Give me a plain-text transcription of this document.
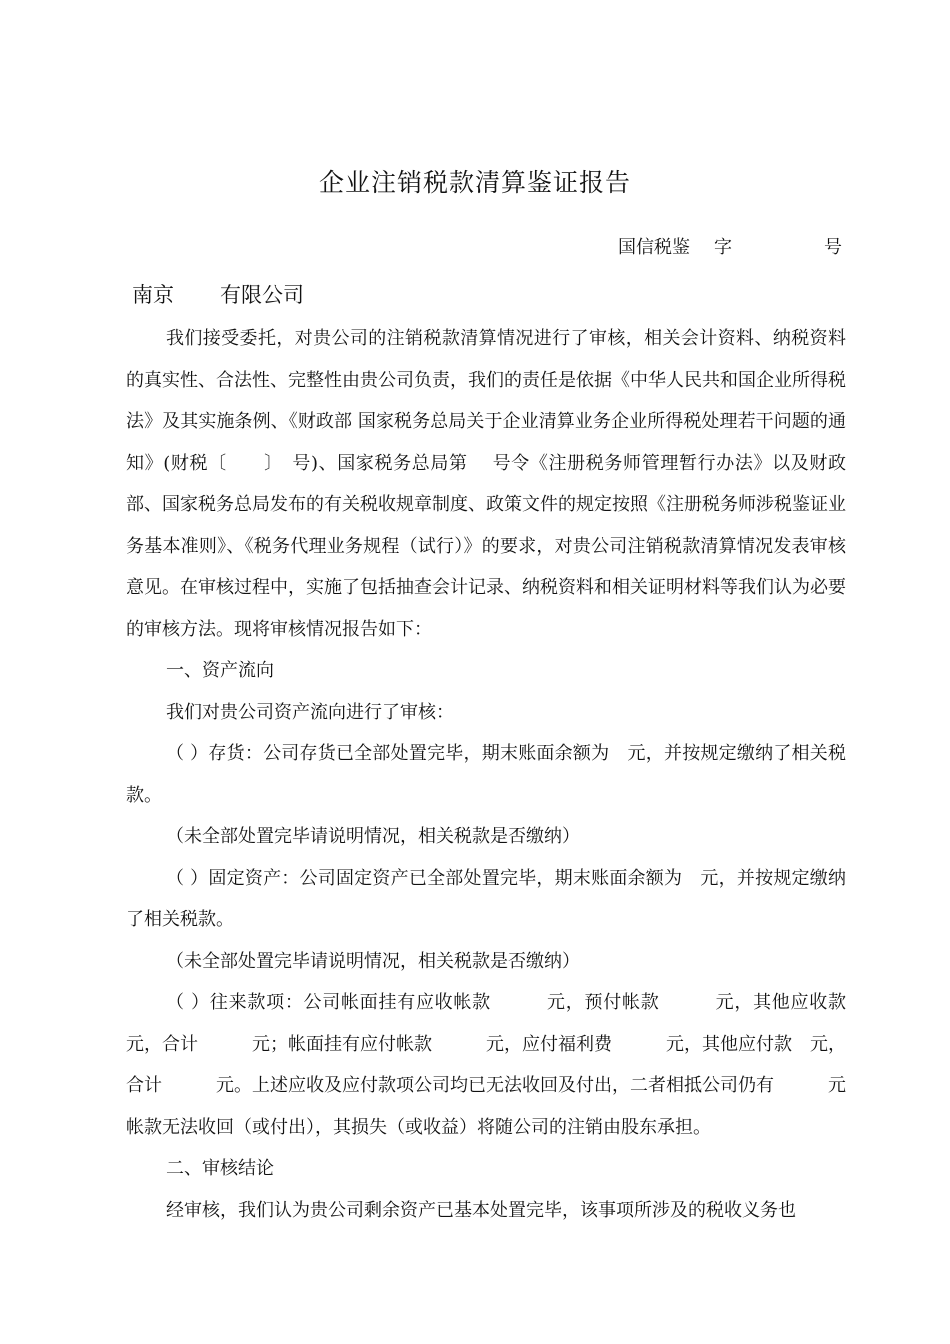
企业注销税款清算鉴证报告
国信税鉴 字	号
南京 有限公司

我们接受委托，对贵公司的注销税款清算情况进行了审核，相关会计资料、纳税资料的真实性、合法性、完整性由贵公司负责，我们的责任是依据《中华人民共和国企业所得税法》及其实施条例、《财政部 国家税务总局关于企业清算业务企业所得税处理若干问题的通知》(财税〔　　〕　号)、国家税务总局第　 号令《注册税务师管理暂行办法》以及财政部、国家税务总局发布的有关税收规章制度、政策文件的规定按照《注册税务师涉税鉴证业务基本准则》、《税务代理业务规程（试行）》的要求，对贵公司注销税款清算情况发表审核意见。在审核过程中，实施了包括抽查会计记录、纳税资料和相关证明材料等我们认为必要的审核方法。现将审核情况报告如下：

一、资产流向

我们对贵公司资产流向进行了审核：

（ ）存货：公司存货已全部处置完毕，期末账面余额为　元，并按规定缴纳了相关税款。

（未全部处置完毕请说明情况，相关税款是否缴纳）

（ ）固定资产：公司固定资产已全部处置完毕，期末账面余额为　元，并按规定缴纳了相关税款。

（未全部处置完毕请说明情况，相关税款是否缴纳）

（ ）往来款项：公司帐面挂有应收帐款　　　元，预付帐款　　　元，其他应收款　元，合计　　　元；帐面挂有应付帐款　　　元，应付福利费　　　元，其他应付款　元，合计　　　元。上述应收及应付款项公司均已无法收回及付出，二者相抵公司仍有　　　元帐款无法收回（或付出），其损失（或收益）将随公司的注销由股东承担。

二、审核结论

经审核，我们认为贵公司剩余资产已基本处置完毕，该事项所涉及的税收义务也
